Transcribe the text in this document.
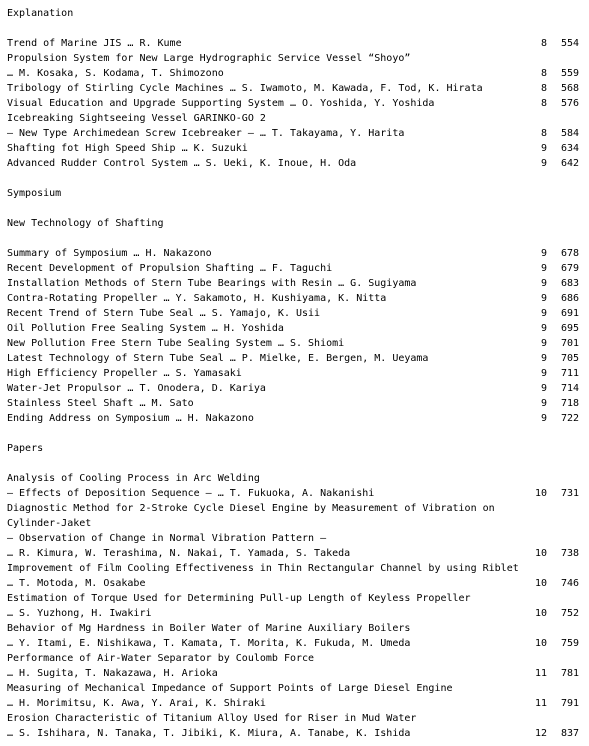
Explanation
Trend of Marine JIS … R. Kume	8	554
Propulsion System for New Large Hydrographic Service Vessel “Shoyo”
… M. Kosaka, S. Kodama, T. Shimozono	8	559
Tribology of Stirling Cycle Machines … S. Iwamoto, M. Kawada, F. Tod, K. Hirata	8	568
Visual Education and Upgrade Supporting System … O. Yoshida, Y. Yoshida	8	576
Icebreaking Sightseeing Vessel GARINKO-GO 2
― New Type Archimedean Screw Icebreaker ― … T. Takayama, Y. Harita	8	584
Shafting fot High Speed Ship … K. Suzuki	9	634
Advanced Rudder Control System … S. Ueki, K. Inoue, H. Oda	9	642
Symposium
New Technology of Shafting
Summary of Symposium … H. Nakazono	9	678
Recent Development of Propulsion Shafting … F. Taguchi	9	679
Installation Methods of Stern Tube Bearings with Resin … G. Sugiyama	9	683
Contra-Rotating Propeller … Y. Sakamoto, H. Kushiyama, K. Nitta	9	686
Recent Trend of Stern Tube Seal … S. Yamajo, K. Usii	9	691
Oil Pollution Free Sealing System … H. Yoshida	9	695
New Pollution Free Stern Tube Sealing System … S. Shiomi	9	701
Latest Technology of Stern Tube Seal … P. Mielke, E. Bergen, M. Ueyama	9	705
High Efficiency Propeller … S. Yamasaki	9	711
Water-Jet Propulsor … T. Onodera, D. Kariya	9	714
Stainless Steel Shaft … M. Sato	9	718
Ending Address on Symposium … H. Nakazono	9	722
Papers
Analysis of Cooling Process in Arc Welding
― Effects of Deposition Sequence ― … T. Fukuoka, A. Nakanishi	10	731
Diagnostic Method for 2-Stroke Cycle Diesel Engine by Measurement of Vibration on
Cylinder-Jaket
― Observation of Change in Normal Vibration Pattern ―
… R. Kimura, W. Terashima, N. Nakai, T. Yamada, S. Takeda	10	738
Improvement of Film Cooling Effectiveness in Thin Rectangular Channel by using Riblet
… T. Motoda, M. Osakabe	10	746
Estimation of Torque Used for Determining Pull-up Length of Keyless Propeller
… S. Yuzhong, H. Iwakiri	10	752
Behavior of Mg Hardness in Boiler Water of Marine Auxiliary Boilers
… Y. Itami, E. Nishikawa, T. Kamata, T. Morita, K. Fukuda, M. Umeda	10	759
Performance of Air-Water Separator by Coulomb Force
… H. Sugita, T. Nakazawa, H. Arioka	11	781
Measuring of Mechanical Impedance of Support Points of Large Diesel Engine
… H. Morimitsu, K. Awa, Y. Arai, K. Shiraki	11	791
Erosion Characteristic of Titanium Alloy Used for Riser in Mud Water
… S. Ishihara, N. Tanaka, T. Jibiki, K. Miura, A. Tanabe, K. Ishida	12	837
